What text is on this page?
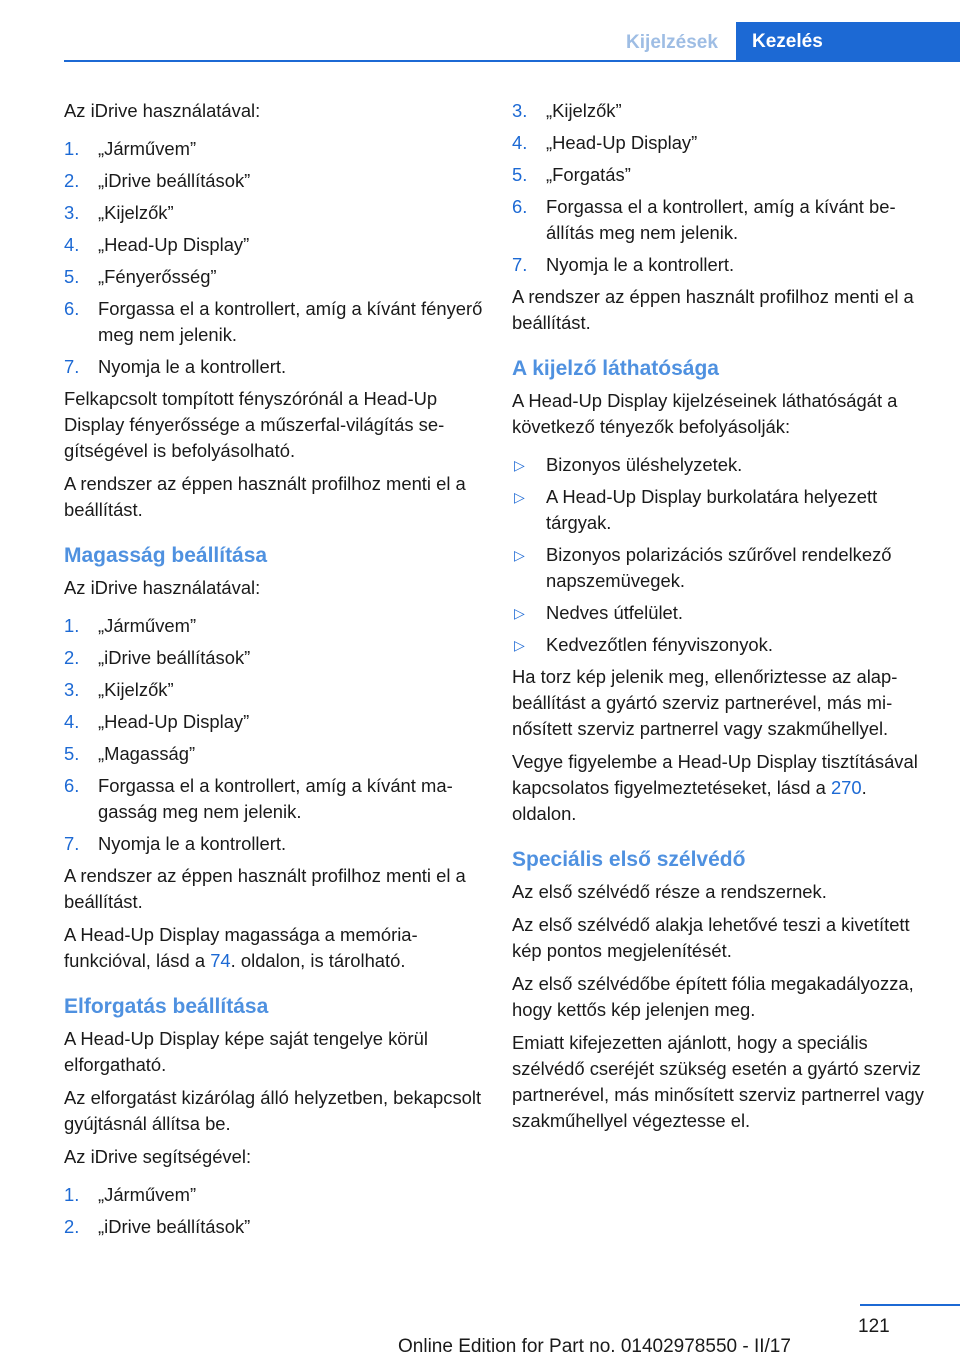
Kijelzések	Kezelés

Az iDrive használatával:

1. „Járművem”
2. „iDrive beállítások”
3. „Kijelzők”
4. „Head-Up Display”
5. „Fényerősség”
6. Forgassa el a kontrollert, amíg a kívánt fényerő meg nem jelenik.
7. Nyomja le a kontrollert.

Felkapcsolt tompított fényszórónál a Head-Up Display fényerőssége a műszerfal-világítás segítségével is befolyásolható.

A rendszer az éppen használt profilhoz menti el a beállítást.

Magasság beállítása

Az iDrive használatával:

1. „Járművem”
2. „iDrive beállítások”
3. „Kijelzők”
4. „Head-Up Display”
5. „Magasság”
6. Forgassa el a kontrollert, amíg a kívánt magasság meg nem jelenik.
7. Nyomja le a kontrollert.

A rendszer az éppen használt profilhoz menti el a beállítást.

A Head-Up Display magassága a memóriafunkcióval, lásd a 74. oldalon, is tárolható.

Elforgatás beállítása

A Head-Up Display képe saját tengelye körül elforgatható.

Az elforgatást kizárólag álló helyzetben, bekapcsolt gyújtásnál állítsa be.

Az iDrive segítségével:

1. „Járművem”
2. „iDrive beállítások”
3. „Kijelzők”
4. „Head-Up Display”
5. „Forgatás”
6. Forgassa el a kontrollert, amíg a kívánt beállítás meg nem jelenik.
7. Nyomja le a kontrollert.

A rendszer az éppen használt profilhoz menti el a beállítást.

A kijelző láthatósága

A Head-Up Display kijelzéseinek láthatóságát a következő tényezők befolyásolják:

▷ Bizonyos üléshelyzetek.
▷ A Head-Up Display burkolatára helyezett tárgyak.
▷ Bizonyos polarizációs szűrővel rendelkező napszemüvegek.
▷ Nedves útfelület.
▷ Kedvezőtlen fényviszonyok.

Ha torz kép jelenik meg, ellenőriztesse az alapbeállítást a gyártó szerviz partnerével, más minősített szerviz partnerrel vagy szakműhellyel.

Vegye figyelembe a Head-Up Display tisztításával kapcsolatos figyelmeztetéseket, lásd a 270. oldalon.

Speciális első szélvédő

Az első szélvédő része a rendszernek.

Az első szélvédő alakja lehetővé teszi a kivetített kép pontos megjelenítését.

Az első szélvédőbe épített fólia megakadályozza, hogy kettős kép jelenjen meg.

Emiatt kifejezetten ajánlott, hogy a speciális szélvédő cseréjét szükség esetén a gyártó szerviz partnerével, más minősített szerviz partnerrel vagy szakműhellyel végeztesse el.

121
Online Edition for Part no. 01402978550 - II/17
